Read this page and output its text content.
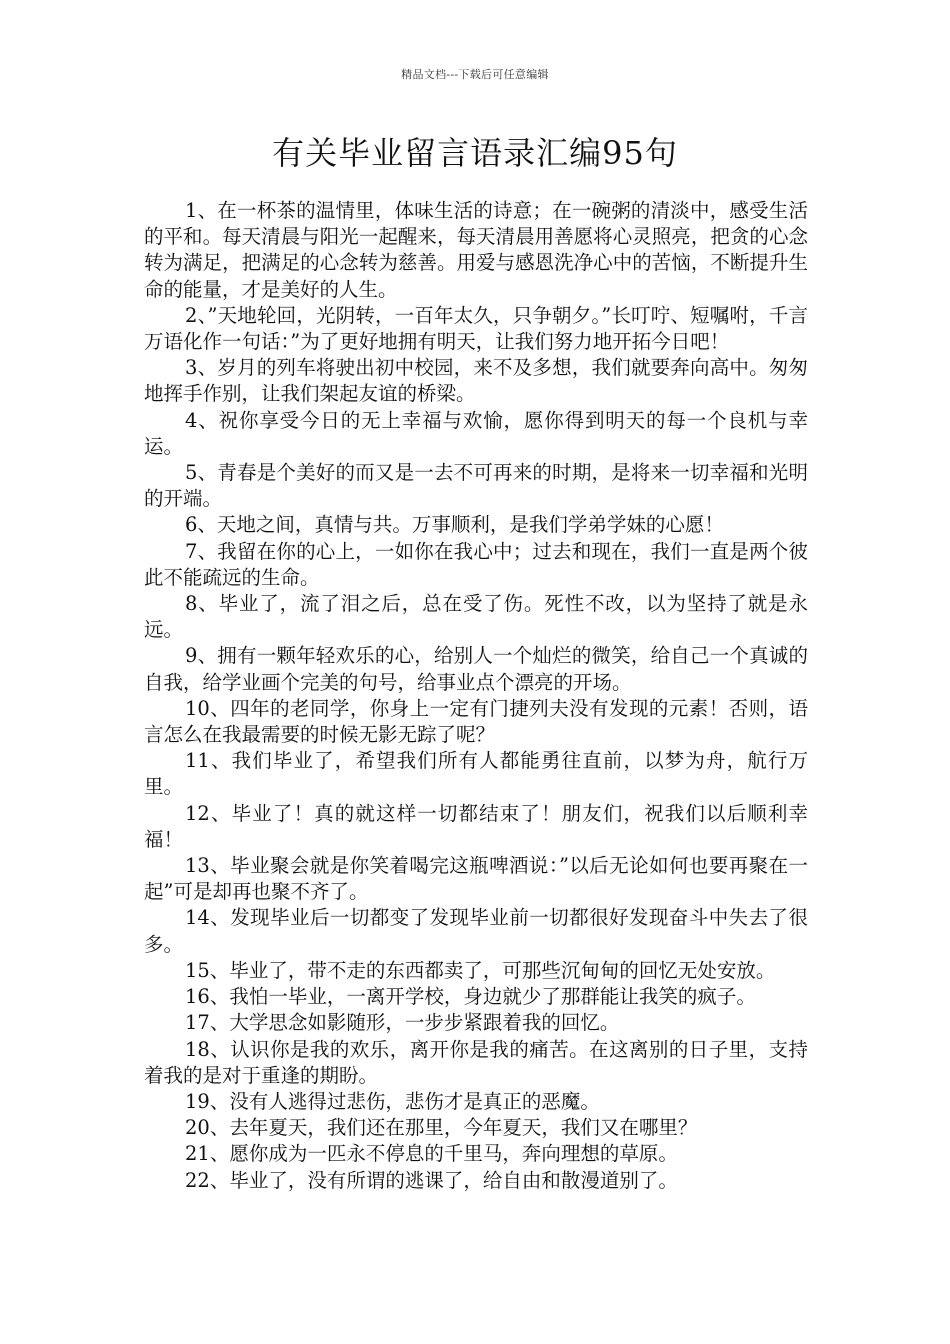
精品文档---下载后可任意编辑
有关毕业留言语录汇编95句

1、在一杯茶的温情里，体味生活的诗意；在一碗粥的清淡中，感受生活的平和。每天清晨与阳光一起醒来，每天清晨用善愿将心灵照亮，把贪的心念转为满足，把满足的心念转为慈善。用爱与感恩洗净心中的苦恼，不断提升生命的能量，才是美好的人生。

2、”天地轮回，光阴转，一百年太久，只争朝夕。”长叮咛、短嘱咐，千言万语化作一句话：”为了更好地拥有明天，让我们努力地开拓今日吧！

3、岁月的列车将驶出初中校园，来不及多想，我们就要奔向高中。匆匆地挥手作别，让我们架起友谊的桥梁。

4、祝你享受今日的无上幸福与欢愉，愿你得到明天的每一个良机与幸运。

5、青春是个美好的而又是一去不可再来的时期，是将来一切幸福和光明的开端。

6、天地之间，真情与共。万事顺利，是我们学弟学妹的心愿！

7、我留在你的心上，一如你在我心中；过去和现在，我们一直是两个彼此不能疏远的生命。

8、毕业了，流了泪之后，总在受了伤。死性不改，以为坚持了就是永远。

9、拥有一颗年轻欢乐的心，给别人一个灿烂的微笑，给自己一个真诚的自我，给学业画个完美的句号，给事业点个漂亮的开场。

10、四年的老同学，你身上一定有门捷列夫没有发现的元素！否则，语言怎么在我最需要的时候无影无踪了呢？

11、我们毕业了，希望我们所有人都能勇往直前，以梦为舟，航行万里。

12、毕业了！真的就这样一切都结束了！朋友们，祝我们以后顺利幸福！

13、毕业聚会就是你笑着喝完这瓶啤酒说：”以后无论如何也要再聚在一起”可是却再也聚不齐了。

14、发现毕业后一切都变了发现毕业前一切都很好发现奋斗中失去了很多。

15、毕业了，带不走的东西都卖了，可那些沉甸甸的回忆无处安放。

16、我怕一毕业，一离开学校，身边就少了那群能让我笑的疯子。

17、大学思念如影随形，一步步紧跟着我的回忆。

18、认识你是我的欢乐，离开你是我的痛苦。在这离别的日子里，支持着我的是对于重逢的期盼。

19、没有人逃得过悲伤，悲伤才是真正的恶魔。

20、去年夏天，我们还在那里，今年夏天，我们又在哪里？

21、愿你成为一匹永不停息的千里马，奔向理想的草原。

22、毕业了，没有所谓的逃课了，给自由和散漫道别了。
